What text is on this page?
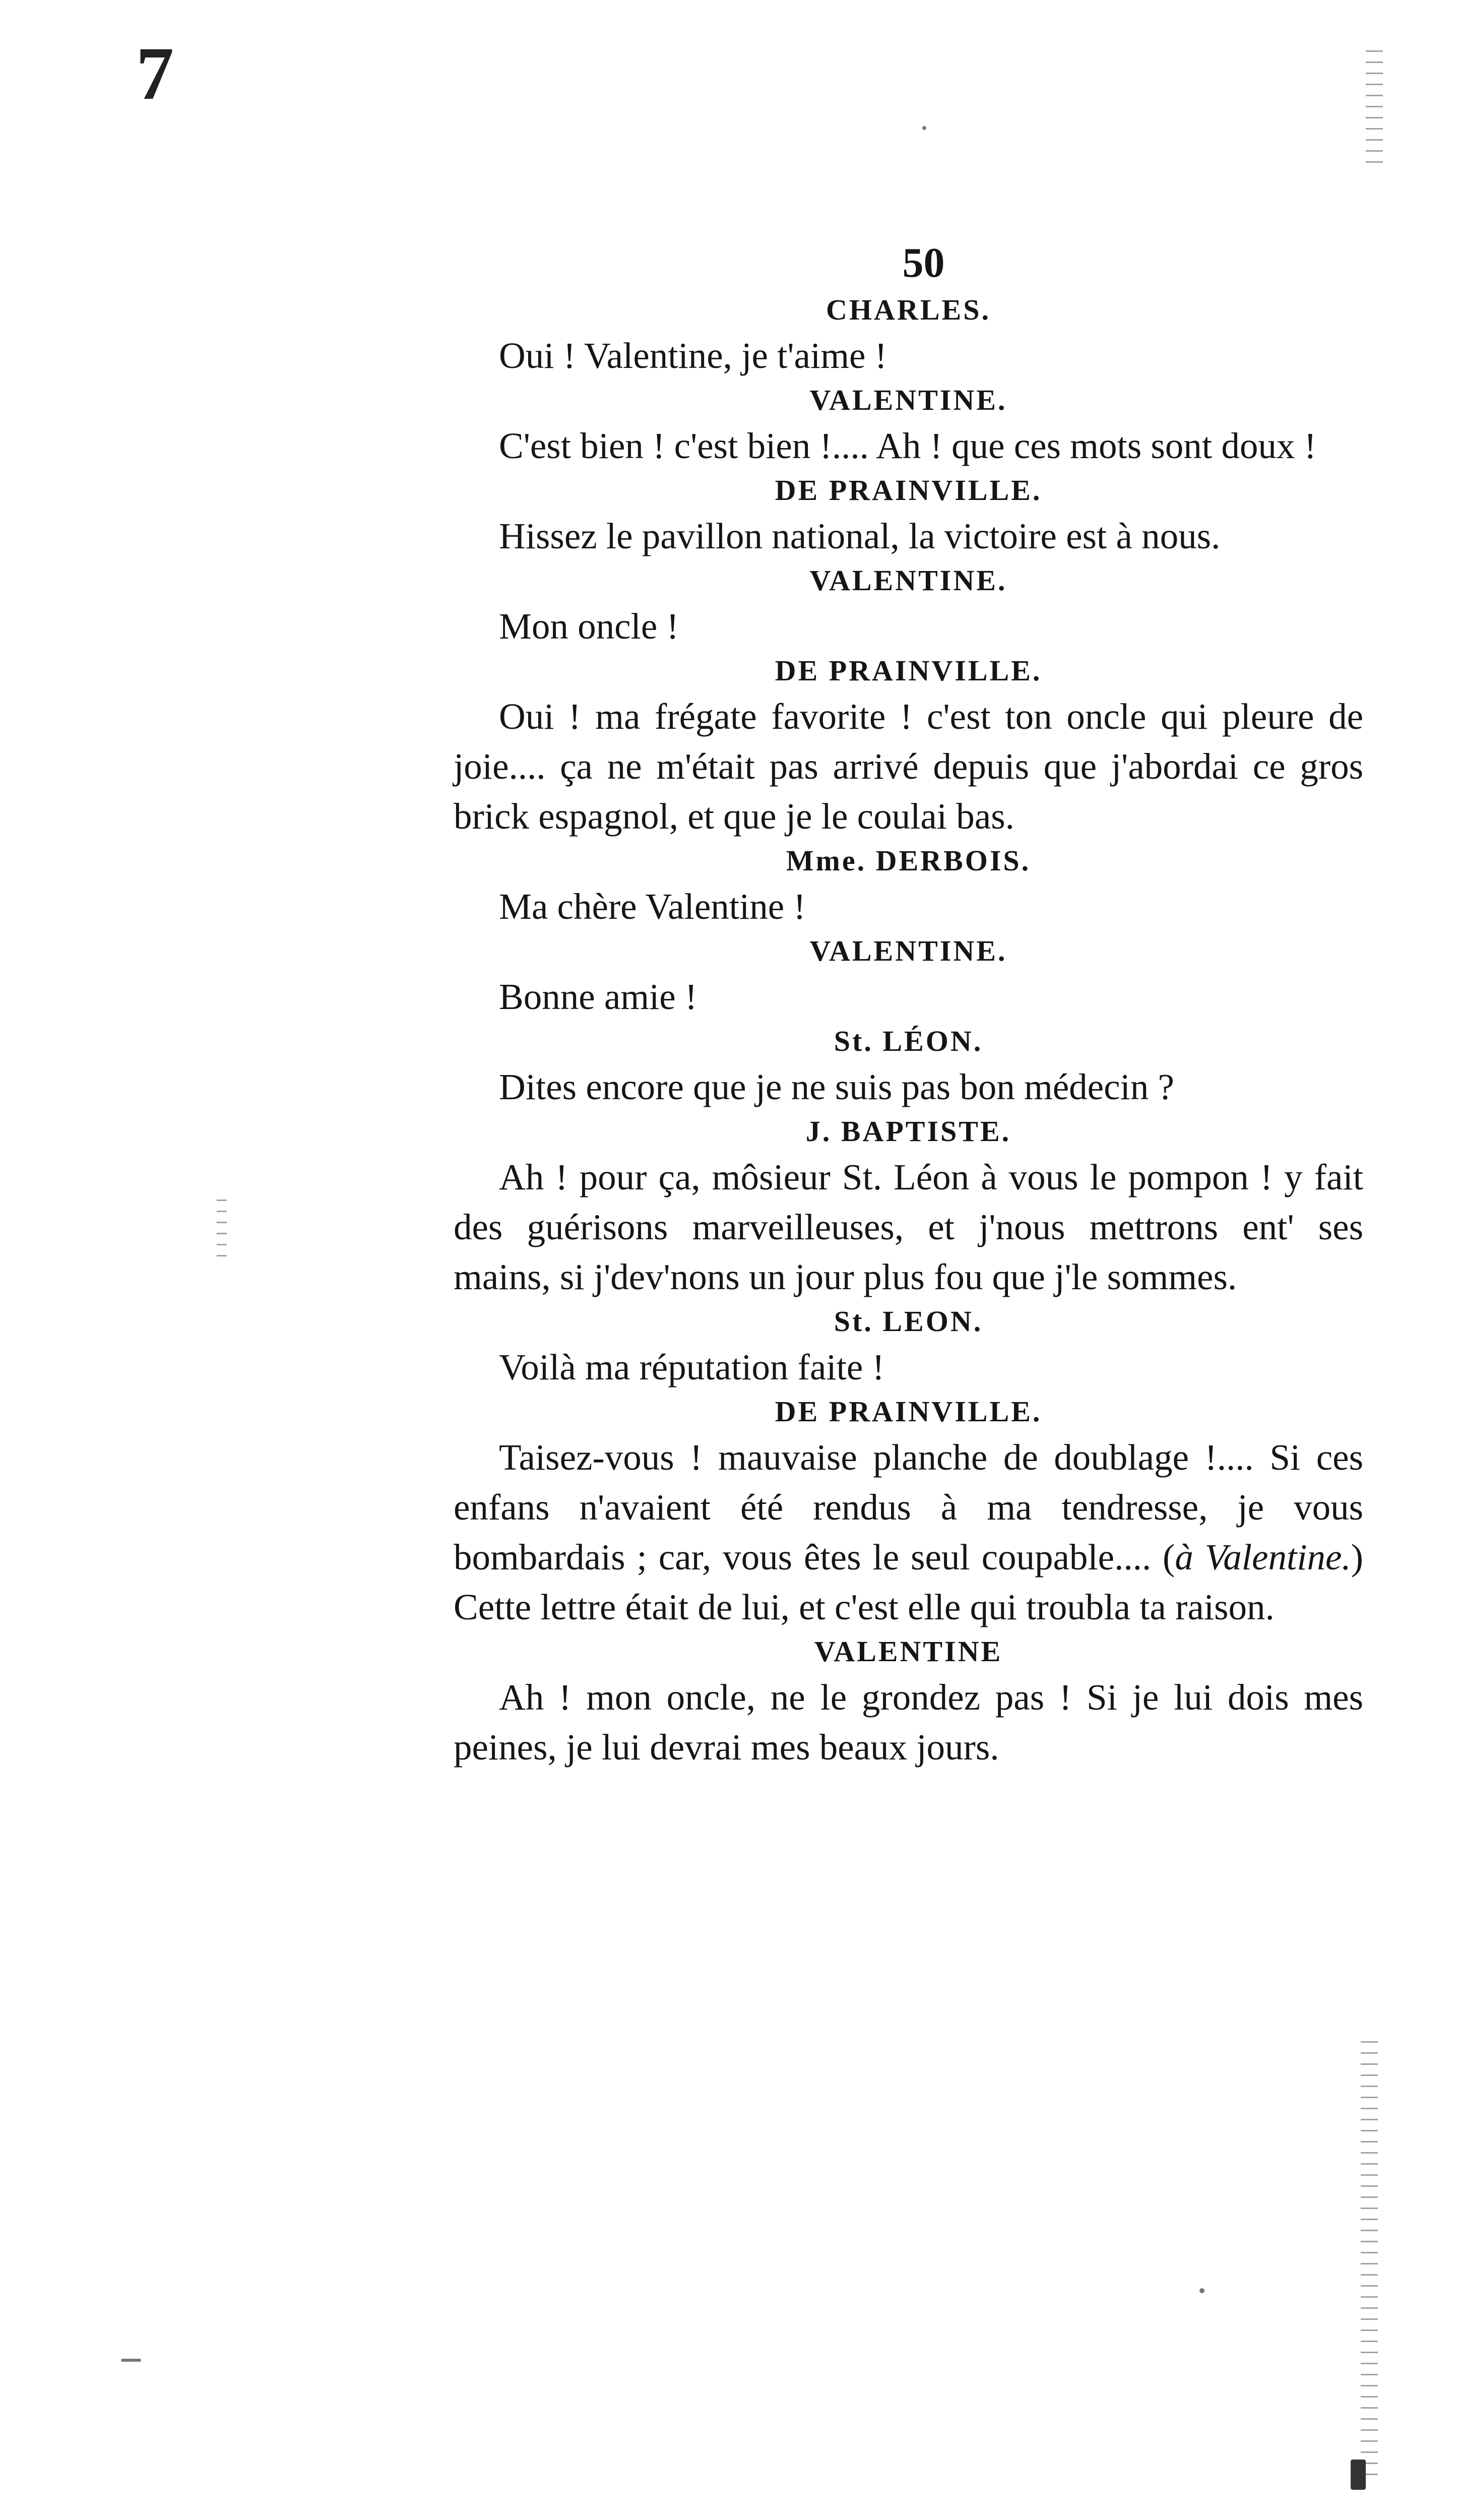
7
50
CHARLES.

Oui ! Valentine, je t'aime !

VALENTINE.

C'est bien ! c'est bien !.... Ah ! que ces mots sont doux !

DE PRAINVILLE.

Hissez le pavillon national, la victoire est à nous.

VALENTINE.

Mon oncle !

DE PRAINVILLE.

Oui ! ma frégate favorite ! c'est ton oncle qui pleure de joie.... ça ne m'était pas arrivé depuis que j'abordai ce gros brick espagnol, et que je le coulai bas.

Mme. DERBOIS.

Ma chère Valentine !

VALENTINE.

Bonne amie !

St. LÉON.

Dites encore que je ne suis pas bon médecin ?

J. BAPTISTE.

Ah ! pour ça, môsieur St. Léon à vous le pompon ! y fait des guérisons marveilleuses, et j'nous mettrons ent' ses mains, si j'dev'nons un jour plus fou que j'le sommes.

St. LEON.

Voilà ma réputation faite !

DE PRAINVILLE.

Taisez-vous ! mauvaise planche de doublage !.... Si ces enfans n'avaient été rendus à ma tendresse, je vous bombardais ; car, vous êtes le seul coupable.... (à Valentine.) Cette lettre était de lui, et c'est elle qui troubla ta raison.

VALENTINE

Ah ! mon oncle, ne le grondez pas ! Si je lui dois mes peines, je lui devrai mes beaux jours.
